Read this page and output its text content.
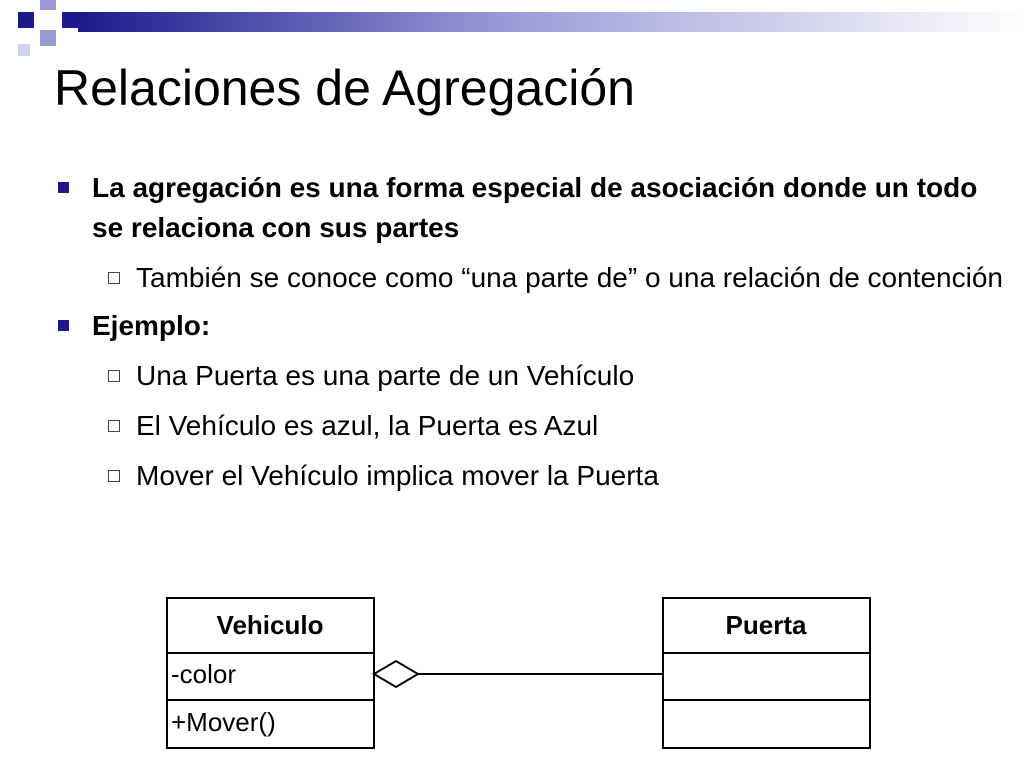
Relaciones de Agregación
La agregación es una forma especial de asociación donde un todo se relaciona con sus partes
También se conoce como “una parte de” o una relación de contención
Ejemplo:
Una Puerta es una parte de un Vehículo
El Vehículo es azul, la Puerta es Azul
Mover el Vehículo implica mover la Puerta
Vehiculo
-color
+Mover()
Puerta
